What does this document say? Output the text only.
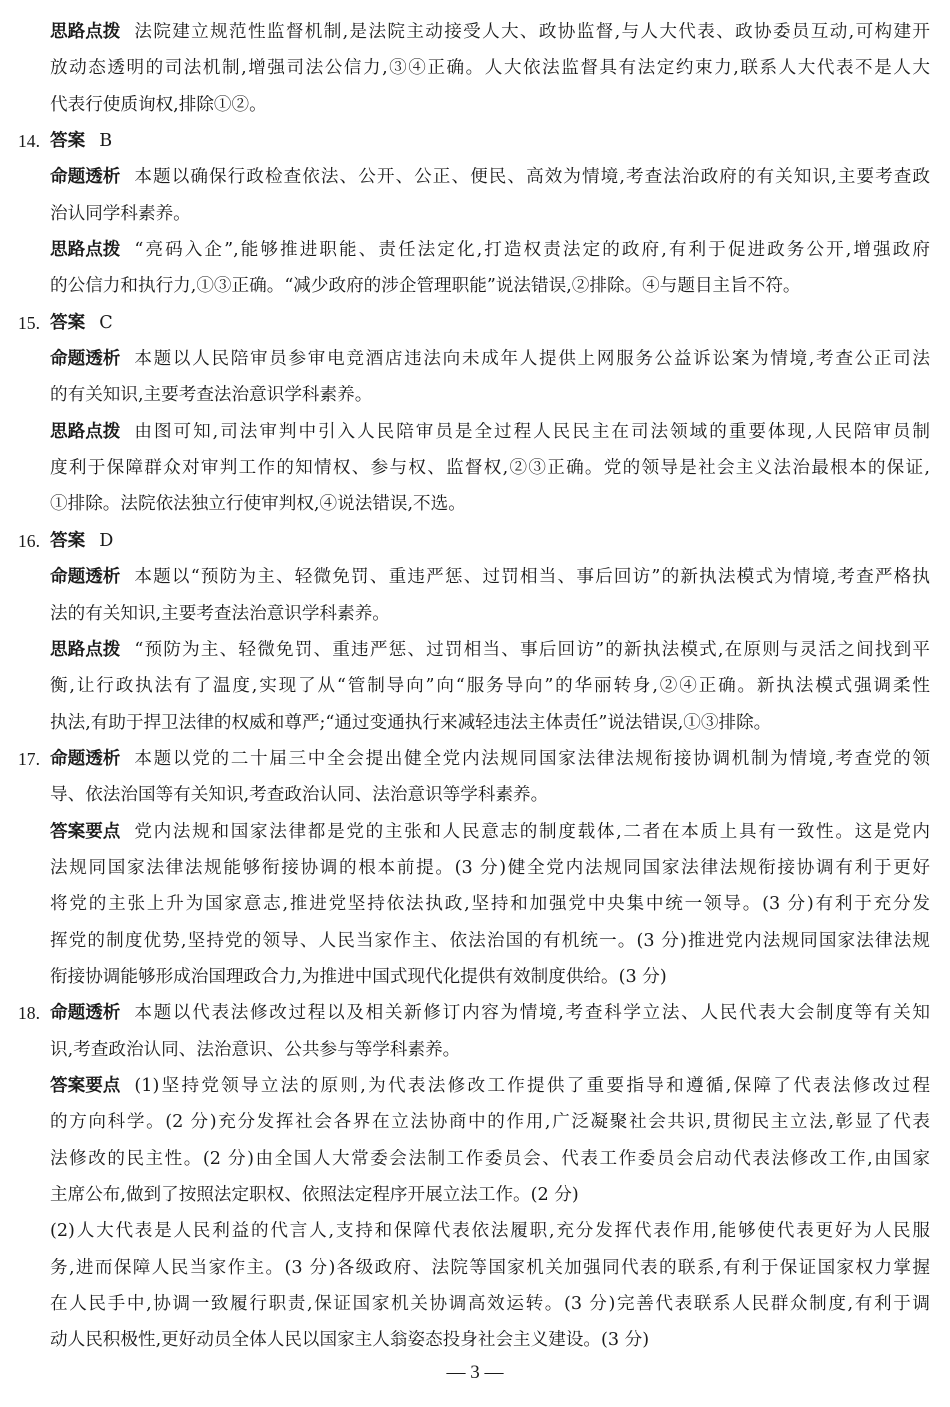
思路点拨 法院建立规范性监督机制,是法院主动接受人大、政协监督,与人大代表、政协委员互动,可构建开
放动态透明的司法机制,增强司法公信力,③④正确。人大依法监督具有法定约束力,联系人大代表不是人大
代表行使质询权,排除①②。
14. 答案 B
命题透析 本题以确保行政检查依法、公开、公正、便民、高效为情境,考查法治政府的有关知识,主要考查政
治认同学科素养。
思路点拨 “亮码入企”,能够推进职能、责任法定化,打造权责法定的政府,有利于促进政务公开,增强政府
的公信力和执行力,①③正确。“减少政府的涉企管理职能”说法错误,②排除。④与题目主旨不符。
15. 答案 C
命题透析 本题以人民陪审员参审电竞酒店违法向未成年人提供上网服务公益诉讼案为情境,考查公正司法
的有关知识,主要考查法治意识学科素养。
思路点拨 由图可知,司法审判中引入人民陪审员是全过程人民民主在司法领域的重要体现,人民陪审员制
度利于保障群众对审判工作的知情权、参与权、监督权,②③正确。党的领导是社会主义法治最根本的保证,
①排除。法院依法独立行使审判权,④说法错误,不选。
16. 答案 D
命题透析 本题以“预防为主、轻微免罚、重违严惩、过罚相当、事后回访”的新执法模式为情境,考查严格执
法的有关知识,主要考查法治意识学科素养。
思路点拨 “预防为主、轻微免罚、重违严惩、过罚相当、事后回访”的新执法模式,在原则与灵活之间找到平
衡,让行政执法有了温度,实现了从“管制导向”向“服务导向”的华丽转身,②④正确。新执法模式强调柔性
执法,有助于捍卫法律的权威和尊严;“通过变通执行来减轻违法主体责任”说法错误,①③排除。
17. 命题透析 本题以党的二十届三中全会提出健全党内法规同国家法律法规衔接协调机制为情境,考查党的领
导、依法治国等有关知识,考查政治认同、法治意识等学科素养。
答案要点 党内法规和国家法律都是党的主张和人民意志的制度载体,二者在本质上具有一致性。这是党内
法规同国家法律法规能够衔接协调的根本前提。(3 分)健全党内法规同国家法律法规衔接协调有利于更好
将党的主张上升为国家意志,推进党坚持依法执政,坚持和加强党中央集中统一领导。(3 分)有利于充分发
挥党的制度优势,坚持党的领导、人民当家作主、依法治国的有机统一。(3 分)推进党内法规同国家法律法规
衔接协调能够形成治国理政合力,为推进中国式现代化提供有效制度供给。(3 分)
18. 命题透析 本题以代表法修改过程以及相关新修订内容为情境,考查科学立法、人民代表大会制度等有关知
识,考查政治认同、法治意识、公共参与等学科素养。
答案要点 (1)坚持党领导立法的原则,为代表法修改工作提供了重要指导和遵循,保障了代表法修改过程
的方向科学。(2 分)充分发挥社会各界在立法协商中的作用,广泛凝聚社会共识,贯彻民主立法,彰显了代表
法修改的民主性。(2 分)由全国人大常委会法制工作委员会、代表工作委员会启动代表法修改工作,由国家
主席公布,做到了按照法定职权、依照法定程序开展立法工作。(2 分)
(2)人大代表是人民利益的代言人,支持和保障代表依法履职,充分发挥代表作用,能够使代表更好为人民服
务,进而保障人民当家作主。(3 分)各级政府、法院等国家机关加强同代表的联系,有利于保证国家权力掌握
在人民手中,协调一致履行职责,保证国家机关协调高效运转。(3 分)完善代表联系人民群众制度,有利于调
动人民积极性,更好动员全体人民以国家主人翁姿态投身社会主义建设。(3 分)
— 3 —
